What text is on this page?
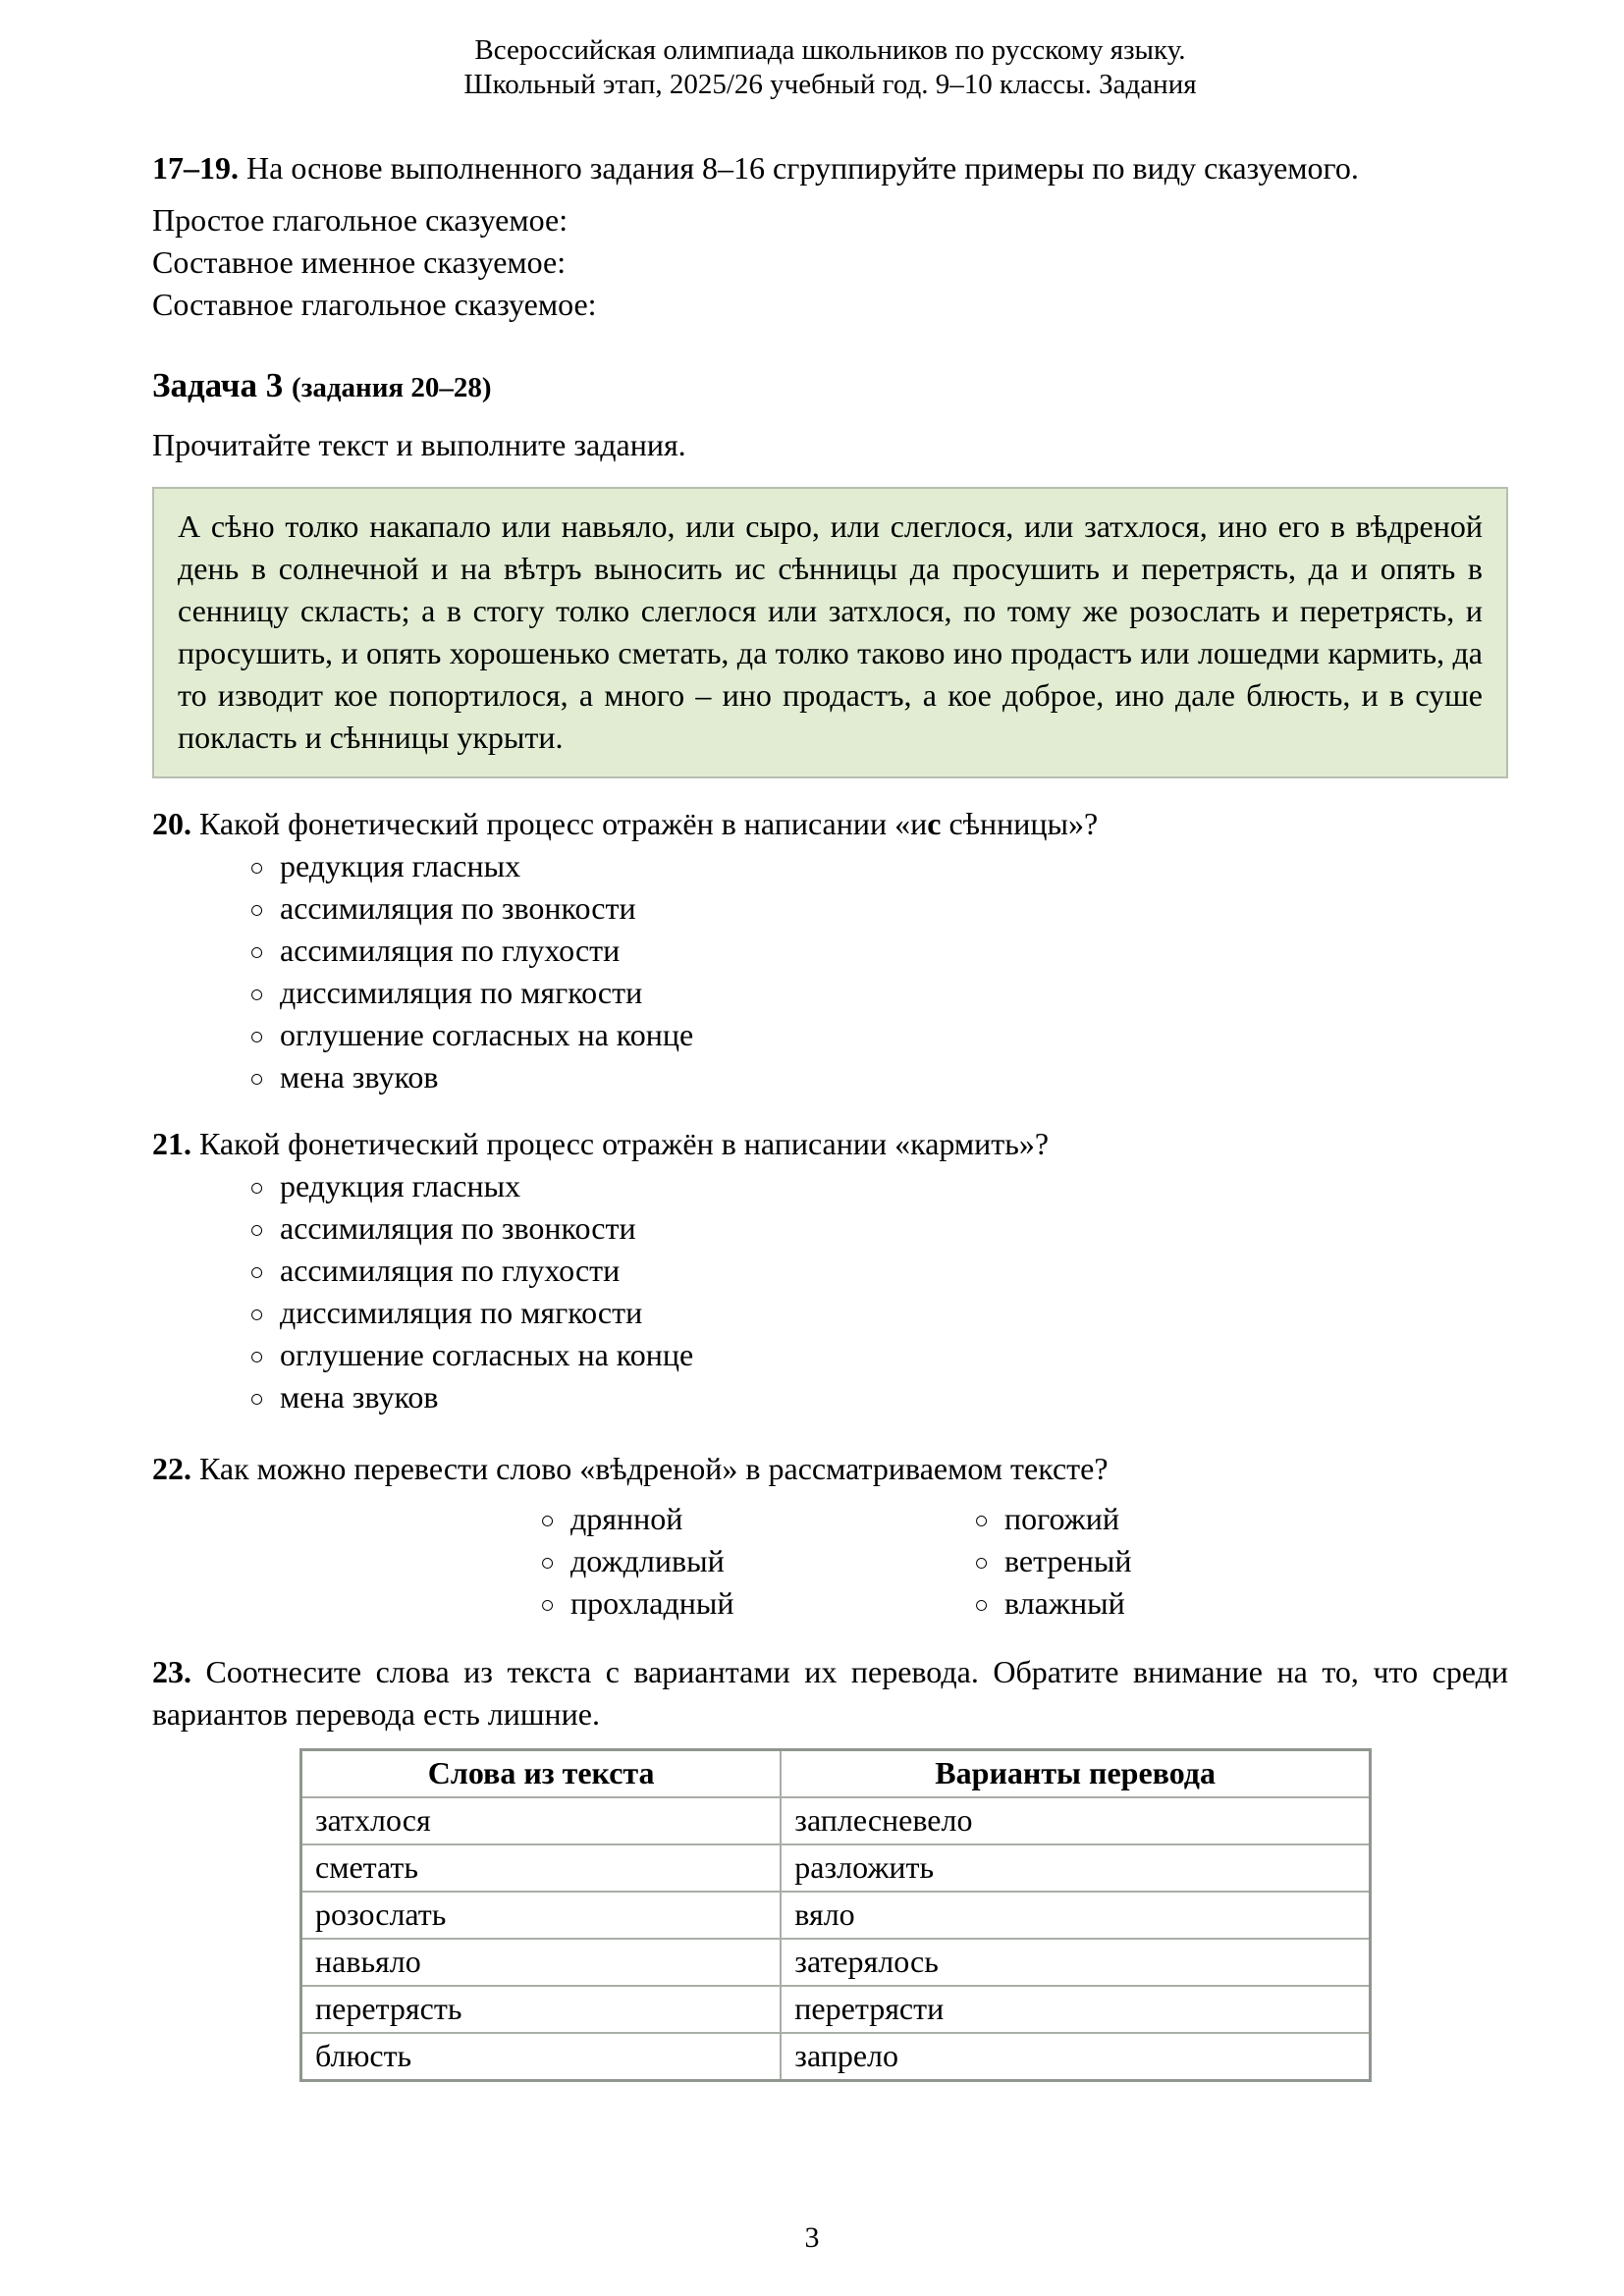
Всероссийская олимпиада школьников по русскому языку.
Школьный этап, 2025/26 учебный год. 9–10 классы. Задания

17–19. На основе выполненного задания 8–16 сгруппируйте примеры по виду сказуемого.

Простое глагольное сказуемое:

Составное именное сказуемое:

Составное глагольное сказуемое:

Задача 3 (задания 20–28)

Прочитайте текст и выполните задания.

А сѣно толко накапало или навьяло, или сыро, или слеглося, или затхлося, ино его в вѣдреной день в солнечной и на вѣтръ выносить ис сѣнницы да просушить и перетрясть, да и опять в сенницу скласть; а в стогу толко слеглося или затхлося, по тому же розослать и перетрясть, и просушить, и опять хорошенько сметать, да толко таково ино продастъ или лошедми кармить, да то изводит кое попортилося, а много – ино продастъ, а кое доброе, ино дале блюсть, и в суше покласть и сѣнницы укрыти.

20. Какой фонетический процесс отражён в написании «ис сѣнницы»?

○ редукция гласных
○ ассимиляция по звонкости
○ ассимиляция по глухости
○ диссимиляция по мягкости
○ оглушение согласных на конце
○ мена звуков

21. Какой фонетический процесс отражён в написании «кармить»?

○ редукция гласных
○ ассимиляция по звонкости
○ ассимиляция по глухости
○ диссимиляция по мягкости
○ оглушение согласных на конце
○ мена звуков

22. Как можно перевести слово «вѣдреной» в рассматриваемом тексте?

○ дрянной	○ погожий
○ дождливый	○ ветреный
○ прохладный	○ влажный

23. Соотнесите слова из текста с вариантами их перевода. Обратите внимание на то, что среди вариантов перевода есть лишние.

Слова из текста	Варианты перевода
затхлося	заплесневело
сметать	разложить
розослать	вяло
навьяло	затерялось
перетрясть	перетрясти
блюсть	запрело
3
